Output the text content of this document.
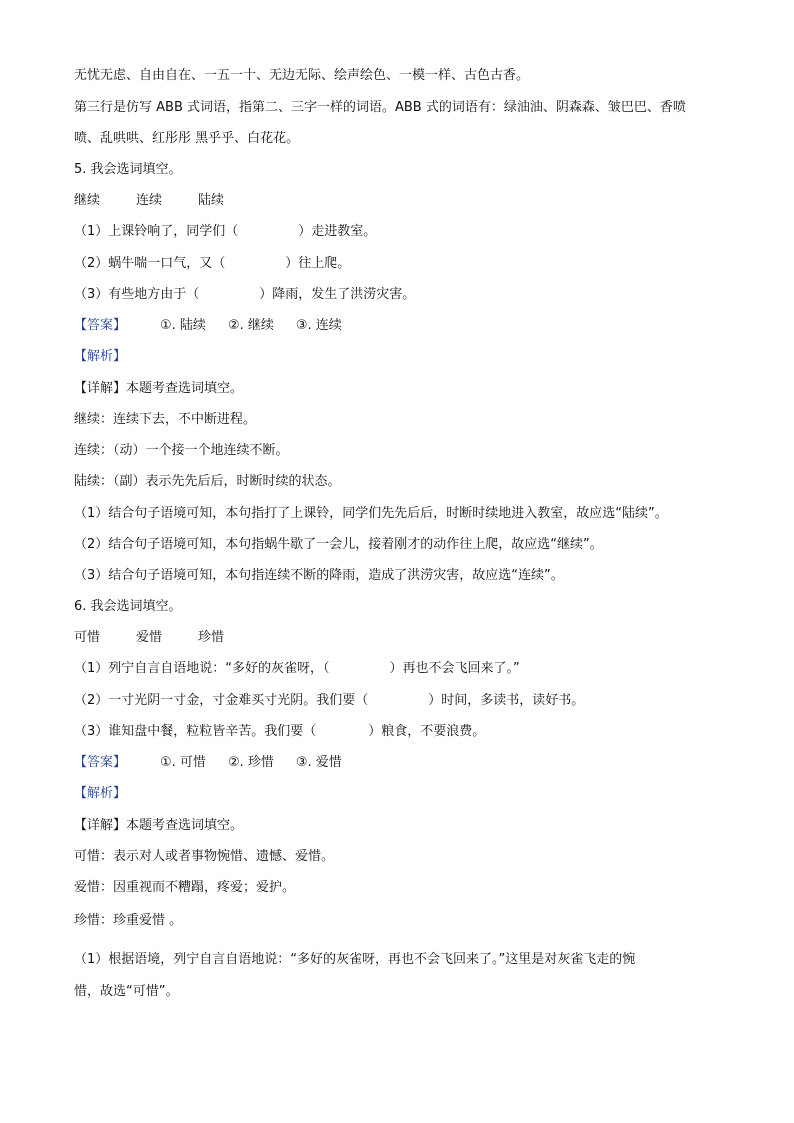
无忧无虑、自由自在、一五一十、无边无际、绘声绘色、一模一样、古色古香。
第三行是仿写 ABB 式词语，指第二、三字一样的词语。ABB 式的词语有：绿油油、阴森森、皱巴巴、香喷
喷、乱哄哄、红彤彤 黑乎乎、白花花。
5. 我会选词填空。
继续	连续	陆续
（1）上课铃响了，同学们（	）走进教室。
（2）蜗牛喘一口气，又（	）往上爬。
（3）有些地方由于（	）降雨，发生了洪涝灾害。
【答案】	①. 陆续 ②. 继续 ③. 连续
【解析】
【详解】本题考查选词填空。
继续：连续下去，不中断进程。
连续：（动）一个接一个地连续不断。
陆续：（副）表示先先后后，时断时续的状态。
（1）结合句子语境可知，本句指打了上课铃，同学们先先后后，时断时续地进入教室，故应选“陆续”。
（2）结合句子语境可知，本句指蜗牛歇了一会儿，接着刚才的动作往上爬，故应选“继续”。
（3）结合句子语境可知，本句指连续不断的降雨，造成了洪涝灾害，故应选“连续”。
6. 我会选词填空。
可惜	爱惜	珍惜
（1）列宁自言自语地说：“多好的灰雀呀，（	）再也不会飞回来了。”
（2）一寸光阴一寸金，寸金难买寸光阴。我们要（	）时间，多读书，读好书。
（3）谁知盘中餐，粒粒皆辛苦。我们要（	）粮食，不要浪费。
【答案】	①. 可惜 ②. 珍惜 ③. 爱惜
【解析】
【详解】本题考查选词填空。
可惜：表示对人或者事物惋惜、遗憾、爱惜。
爱惜：因重视而不糟蹋，疼爱；爱护。
珍惜：珍重爱惜 。
（1）根据语境，列宁自言自语地说：“多好的灰雀呀，再也不会飞回来了。”这里是对灰雀飞走的惋
惜，故选“可惜”。
